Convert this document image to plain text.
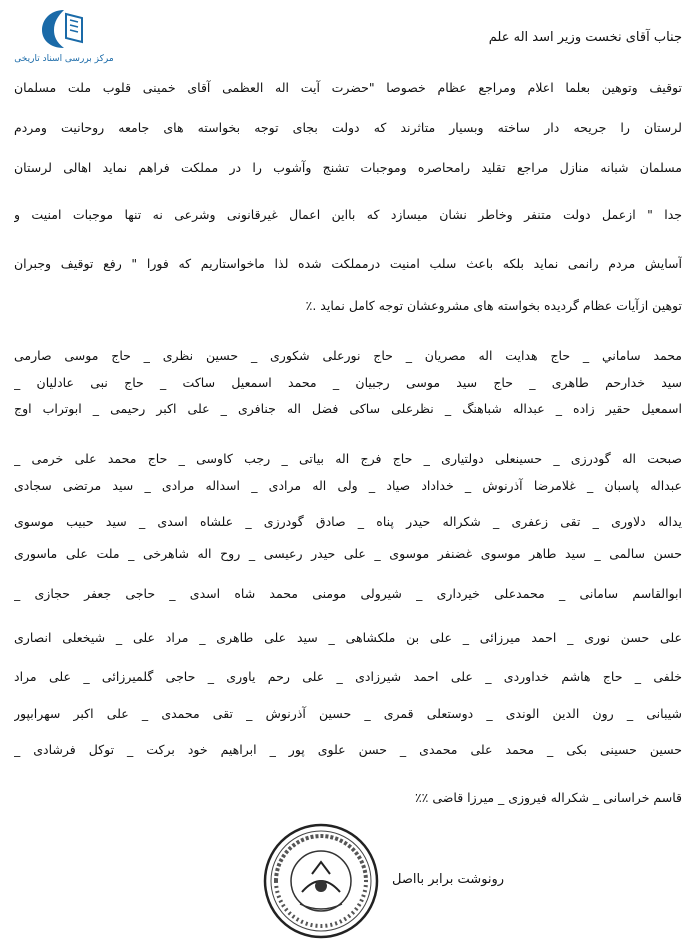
مرکز بررسی اسناد تاریخی
جناب آقای نخست وزیر اسد اله علم
توقیف وتوهین بعلما اعلام ومراجع عظام خصوصا "حضرت آیت اله العظمی آقای خمینی قلوب ملت مسلمان
لرستان را جریحه دار ساخته وبسیار متاثرند که دولت بجای توجه بخواسته های جامعه روحانیت ومردم
مسلمان شبانه منازل مراجع تقلید رامحاصره وموجبات تشنج وآشوب را در مملکت فراهم نماید اهالی لرستان
جدا " ازعمل دولت متنفر وخاطر نشان میسازد که بااین اعمال غیرقانونی وشرعی نه تنها موجبات امنیت و
آسایش مردم رانمی نماید بلکه باعث سلب امنیت درمملکت شده لذا ماخواستاریم که فورا " رفع توقیف وجبران
توهین ازآیات عظام گردیده بخواسته های مشروعشان توجه کامل نماید .٪
محمد ساماني _ حاج هدایت اله مصریان _ حاج نورعلی شکوری _ حسین نظری _ حاج موسی صارمی
سید خدارحم طاهری _ حاج سید موسی رجبیان _ محمد اسمعیل ساکت _ حاج نبی عادلیان _
اسمعیل حقیر زاده _ عبداله شباهنگ _ نظرعلی ساکی فضل اله جنافری _ علی اکبر رحیمی _ ابوتراب اوج
صبحت اله گودرزی _ حسینعلی دولتیاری _ حاج فرج اله بیاتی _ رجب کاوسی _ حاج محمد علی خرمی _
عبداله پاسبان _ غلامرضا آذرنوش _ خداداد صیاد _ ولی اله مرادی _ اسداله مرادی _ سید مرتضی سجادی
یداله دلاوری _ تقی زعفری _ شکراله حیدر پناه _ صادق گودرزی _ علشاه اسدی _ سید حبیب موسوی
حسن سالمی _ سید طاهر موسوی غضنفر موسوی _ علی حیدر رعیسی _ روح اله شاهرخی _ ملت علی ماسوری
ابوالقاسم سامانی _ محمدعلی خیرداری _ شیرولی مومنی محمد شاه اسدی _ حاجی جعفر حجازی _
علی حسن نوری _ احمد میرزائی _ علی بن ملکشاهی _ سید علی طاهری _ مراد علی _ شیخعلی انصاری
خلفی _ حاج هاشم خداوردی _ علی احمد شیرزادی _ علی رحم یاوری _ حاجی گلمیرزائی _ علی مراد
شیبانی _ رون الدین الوندی _ دوستعلی قمری _ حسین آذرنوش _ تقی محمدی _ علی اکبر سهرابپور
حسین حسینی بکی _ محمد علی محمدی _ حسن علوی پور _ ابراهیم خود برکت _ توکل فرشادی _
قاسم خراسانی _ شکراله فیروزی _ میرزا قاضی ٪٪
رونوشت برابر بااصل
